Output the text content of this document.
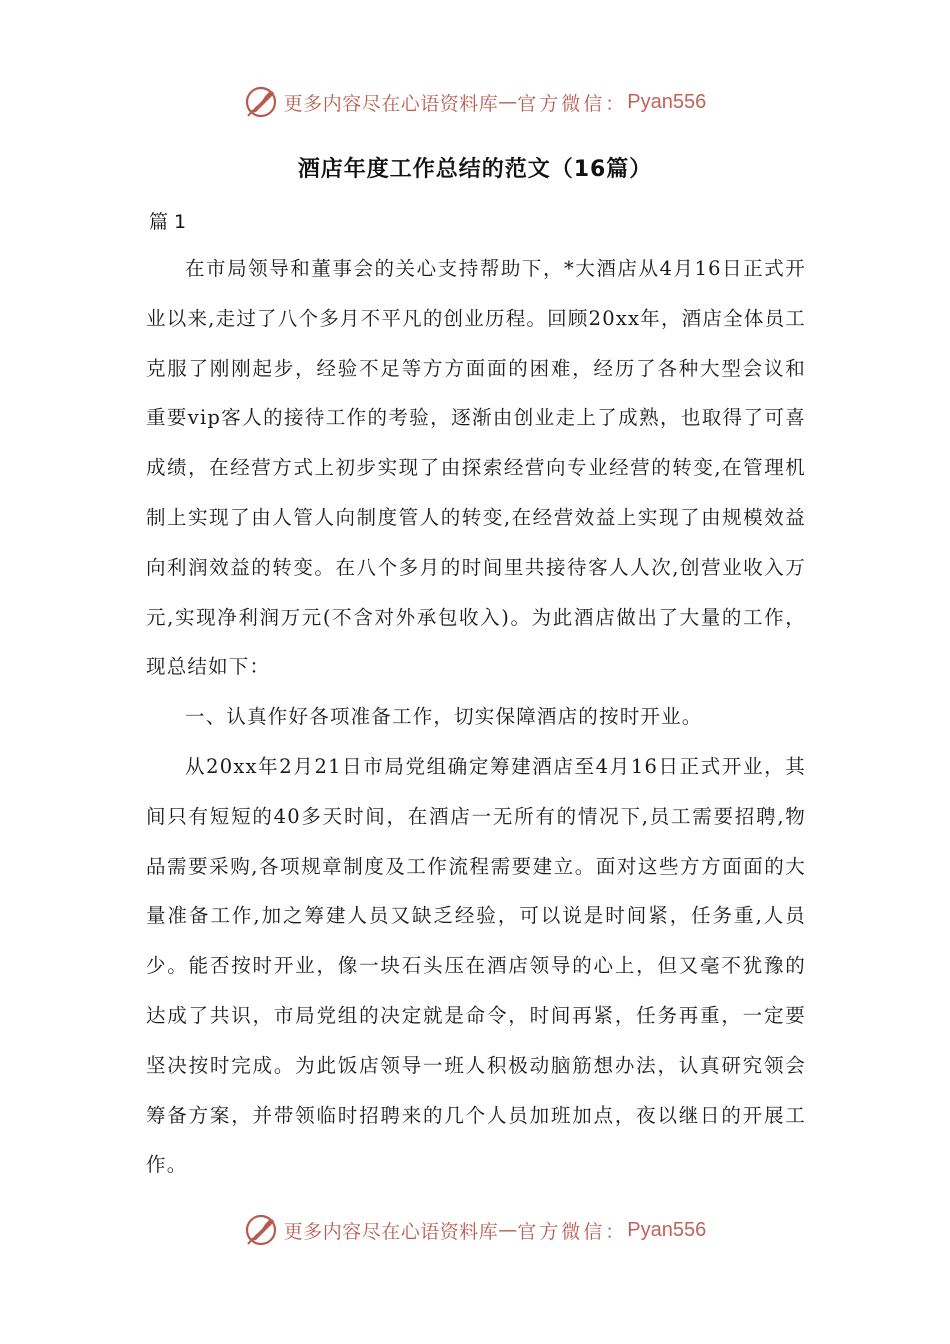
更多内容尽在心语资料库 — 官方微信： Pyan556
酒店年度工作总结的范文（16篇）
篇 1

在市局领导和董事会的关心支持帮助下，*大酒店从4月16日正式开业以来,走过了八个多月不平凡的创业历程。回顾20xx年，酒店全体员工克服了刚刚起步，经验不足等方方面面的困难，经历了各种大型会议和重要vip客人的接待工作的考验，逐渐由创业走上了成熟，也取得了可喜成绩，在经营方式上初步实现了由探索经营向专业经营的转变,在管理机制上实现了由人管人向制度管人的转变,在经营效益上实现了由规模效益向利润效益的转变。在八个多月的时间里共接待客人人次,创营业收入万元,实现净利润万元(不含对外承包收入)。为此酒店做出了大量的工作，现总结如下：

一、认真作好各项准备工作，切实保障酒店的按时开业。

从20xx年2月21日市局党组确定筹建酒店至4月16日正式开业，其间只有短短的40多天时间，在酒店一无所有的情况下,员工需要招聘,物品需要采购,各项规章制度及工作流程需要建立。面对这些方方面面的大量准备工作,加之筹建人员又缺乏经验，可以说是时间紧，任务重,人员少。能否按时开业，像一块石头压在酒店领导的心上，但又毫不犹豫的达成了共识，市局党组的决定就是命令，时间再紧，任务再重，一定要坚决按时完成。为此饭店领导一班人积极动脑筋想办法，认真研究领会筹备方案，并带领临时招聘来的几个人员加班加点，夜以继日的开展工作。

更多内容尽在心语资料库 — 官方微信： Pyan556
